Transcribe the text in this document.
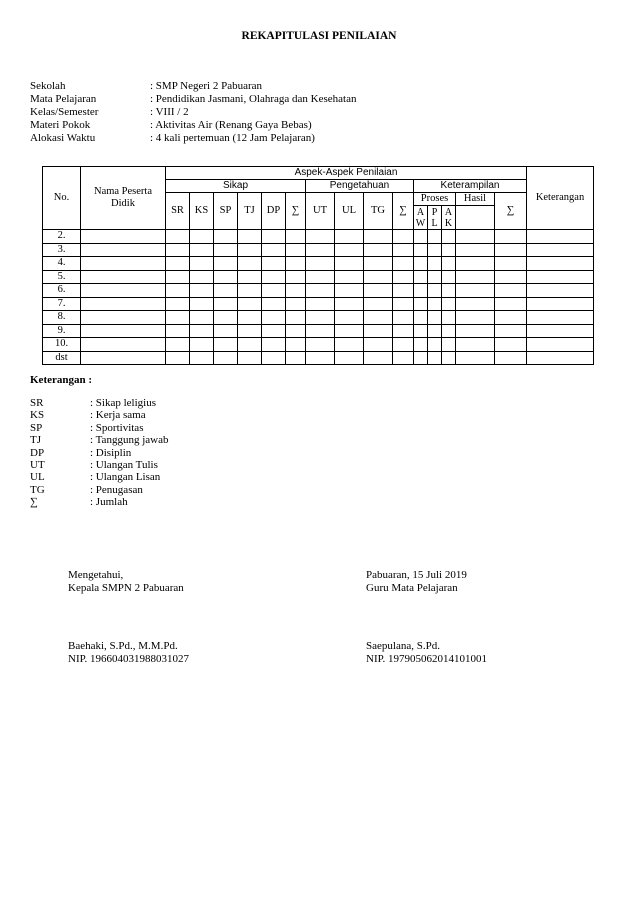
REKAPITULASI PENILAIAN
Sekolah	: SMP Negeri 2 Pabuaran
Mata Pelajaran	: Pendidikan Jasmani, Olahraga dan Kesehatan
Kelas/Semester	: VIII / 2
Materi Pokok	: Aktivitas Air (Renang Gaya Bebas)
Alokasi Waktu	: 4 kali pertemuan (12 Jam Pelajaran)
No.	Nama Peserta Didik	Aspek-Aspek Penilaian															Keterangan
		Sikap						Pengetahuan				Keterampilan					
		SR	KS	SP	TJ	DP	∑	UT	UL	TG	∑	Proses			Hasil	∑	
												A W	P L	A K			
2.																	
3.																	
4.																	
5.																	
6.																	
7.																	
8.																	
9.																	
10.																	
dst																	
Keterangan :
SR	: Sikap leligius
KS	: Kerja sama
SP	: Sportivitas
TJ	: Tanggung jawab
DP	: Disiplin
UT	: Ulangan Tulis
UL	: Ulangan Lisan
TG	: Penugasan
∑	: Jumlah
Mengetahui,
Kepala SMPN 2 Pabuaran
Baehaki, S.Pd., M.M.Pd.
NIP. 196604031988031027
Pabuaran, 15 Juli 2019
Guru Mata Pelajaran
Saepulana, S.Pd.
NIP. 197905062014101001
